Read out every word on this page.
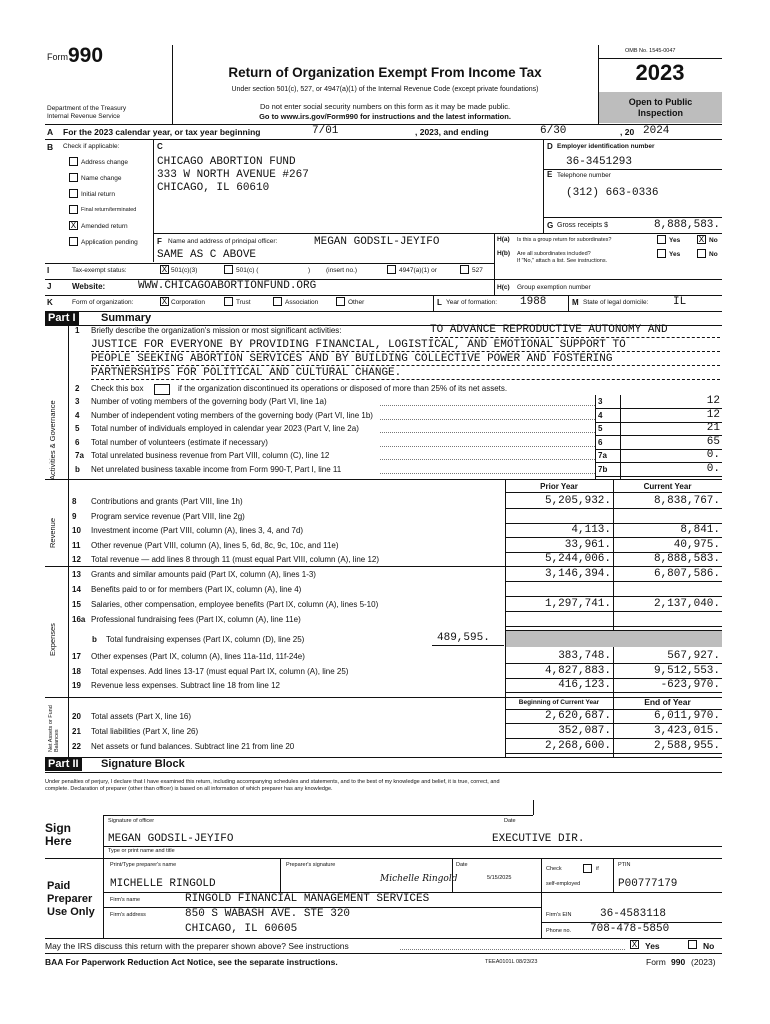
Form 990
Department of the Treasury
Internal Revenue Service
Return of Organization Exempt From Income Tax
Under section 501(c), 527, or 4947(a)(1) of the Internal Revenue Code (except private foundations)
Do not enter social security numbers on this form as it may be made public.
Go to www.irs.gov/Form990 for instructions and the latest information.
OMB No. 1545-0047
2023
Open to Public
Inspection
A For the 2023 calendar year, or tax year beginning	7/01	, 2023, and ending	6/30	, 20 2024
B Check if applicable:
Address change
Name change
Initial return
Final return/terminated
X Amended return
Application pending
C
CHICAGO ABORTION FUND
333 W NORTH AVENUE #267
CHICAGO, IL 60610
D Employer identification number
36-3451293
E Telephone number
(312) 663-0336
G Gross receipts $	8,888,583.
F Name and address of principal officer:	MEGAN GODSIL-JEYIFO
SAME AS C ABOVE
H(a) Is this a group return for subordinates?	Yes X No
H(b) Are all subordinates included?
If "No," attach a list. See instructions.
Yes	No
I	Tax-exempt status:	X 501(c)(3)	501(c) (	) (insert no.)	4947(a)(1) or	527
J	Website:	WWW.CHICAGOABORTIONFUND.ORG	H(c) Group exemption number
K	Form of organization:	X Corporation	Trust	Association	Other	L Year of formation: 1988	M State of legal domicile: IL
Part I Summary
Activities & Governance
Revenue
Expenses
Net Assets or Fund Balances
1 Briefly describe the organization's mission or most significant activities:	TO ADVANCE REPRODUCTIVE AUTONOMY AND
JUSTICE FOR EVERYONE BY PROVIDING FINANCIAL, LOGISTICAL, AND EMOTIONAL SUPPORT TO
PEOPLE SEEKING ABORTION SERVICES AND BY BUILDING COLLECTIVE POWER AND FOSTERING
PARTNERSHIPS FOR POLITICAL AND CULTURAL CHANGE.
2 Check this box	if the organization discontinued its operations or disposed of more than 25% of its net assets.
3 Number of voting members of the governing body (Part VI, line 1a)	3	12
4 Number of independent voting members of the governing body (Part VI, line 1b)	4	12
5 Total number of individuals employed in calendar year 2023 (Part V, line 2a)	5	21
6 Total number of volunteers (estimate if necessary)	6	65
7a Total unrelated business revenue from Part VIII, column (C), line 12	7a	0.
b Net unrelated business taxable income from Form 990-T, Part I, line 11	7b	0.
Prior Year	Current Year
8 Contributions and grants (Part VIII, line 1h)	5,205,932.	8,838,767.
9 Program service revenue (Part VIII, line 2g)
10 Investment income (Part VIII, column (A), lines 3, 4, and 7d)	4,113.	8,841.
11 Other revenue (Part VIII, column (A), lines 5, 6d, 8c, 9c, 10c, and 11e)	33,961.	40,975.
12 Total revenue — add lines 8 through 11 (must equal Part VIII, column (A), line 12)	5,244,006.	8,888,583.
13 Grants and similar amounts paid (Part IX, column (A), lines 1-3)	3,146,394.	6,807,586.
14 Benefits paid to or for members (Part IX, column (A), line 4)
15 Salaries, other compensation, employee benefits (Part IX, column (A), lines 5-10)	1,297,741.	2,137,040.
16a Professional fundraising fees (Part IX, column (A), line 11e)
b Total fundraising expenses (Part IX, column (D), line 25)	489,595.
17 Other expenses (Part IX, column (A), lines 11a-11d, 11f-24e)	383,748.	567,927.
18 Total expenses. Add lines 13-17 (must equal Part IX, column (A), line 25)	4,827,883.	9,512,553.
19 Revenue less expenses. Subtract line 18 from line 12	416,123.	-623,970.
Beginning of Current Year	End of Year
20 Total assets (Part X, line 16)	2,620,687.	6,011,970.
21 Total liabilities (Part X, line 26)	352,087.	3,423,015.
22 Net assets or fund balances. Subtract line 21 from line 20	2,268,600.	2,588,955.
Part II Signature Block
Under penalties of perjury, I declare that I have examined this return, including accompanying schedules and statements, and to the best of my knowledge and belief, it is true, correct, and
complete. Declaration of preparer (other than officer) is based on all information of which preparer has any knowledge.
Sign
Here
Signature of officer	Date
MEGAN GODSIL-JEYIFO	EXECUTIVE DIR.
Type or print name and title
Paid
Preparer
Use Only
Print/Type preparer's name	Preparer's signature	Date
Check	if
self-employed
PTIN
MICHELLE RINGOLD	Michelle Ringold	5/15/2025	P00777179
Firm's name	RINGOLD FINANCIAL MANAGEMENT SERVICES
Firm's address	850 S WABASH AVE. STE 320
CHICAGO, IL 60605
Firm's EIN	36-4583118
Phone no. 708-478-5850
May the IRS discuss this return with the preparer shown above? See instructions	X Yes	No
BAA For Paperwork Reduction Act Notice, see the separate instructions.	TEEA0101L 08/23/23	Form 990 (2023)
